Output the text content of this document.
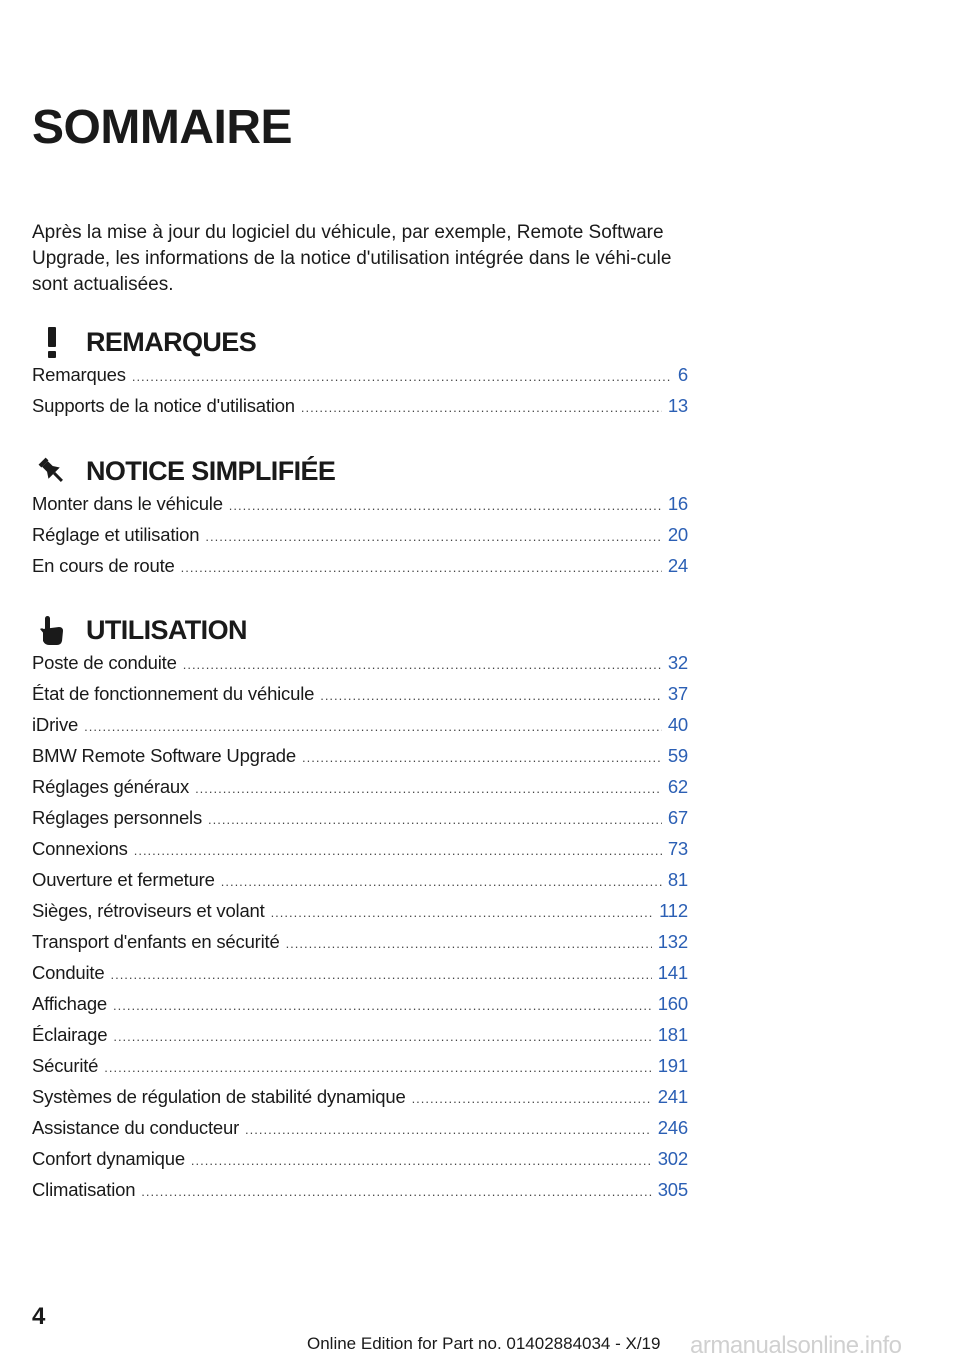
SOMMAIRE

Après la mise à jour du logiciel du véhicule, par exemple, Remote Software Upgrade, les informations de la notice d'utilisation intégrée dans le véhi-cule sont actualisées.

REMARQUES
Remarques .....	6
Supports de la notice d'utilisation .....	13
NOTICE SIMPLIFIÉE
Monter dans le véhicule .....	16
Réglage et utilisation .....	20
En cours de route .....	24
UTILISATION
Poste de conduite .....	32
État de fonctionnement du véhicule .....	37
iDrive .....	40
BMW Remote Software Upgrade .....	59
Réglages généraux .....	62
Réglages personnels .....	67
Connexions .....	73
Ouverture et fermeture .....	81
Sièges, rétroviseurs et volant .....	112
Transport d'enfants en sécurité .....	132
Conduite .....	141
Affichage .....	160
Éclairage .....	181
Sécurité .....	191
Systèmes de régulation de stabilité dynamique .....	241
Assistance du conducteur .....	246
Confort dynamique .....	302
Climatisation .....	305
4
Online Edition for Part no. 01402884034 - X/19 armanualsonline.info
